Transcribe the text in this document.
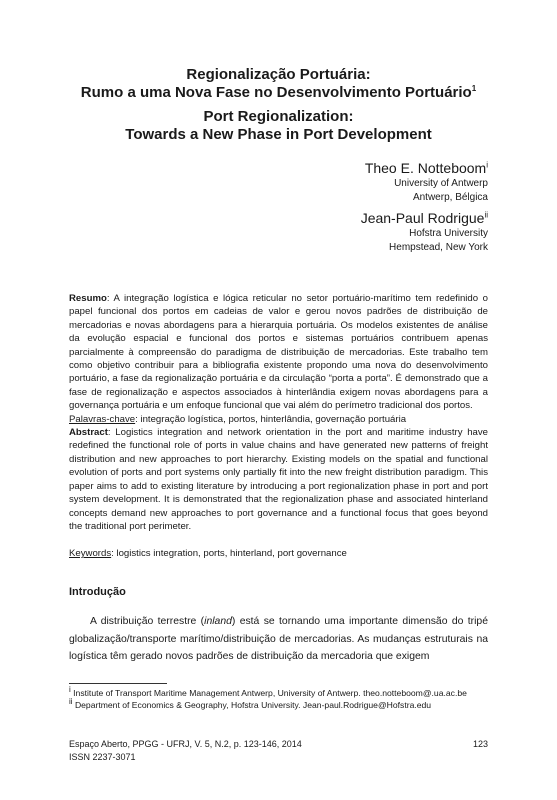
Regionalização Portuária:
Rumo a uma Nova Fase no Desenvolvimento Portuário$^1$
Port Regionalization:
Towards a New Phase in Port Development
Theo E. Notteboom$^i$
University of Antwerp
Antwerp, Bélgica
Jean-Paul Rodrigue$^{ii}$
Hofstra University
Hempstead, New York

Resumo: A integração logística e lógica reticular no setor portuário-marítimo tem redefinido o papel funcional dos portos em cadeias de valor e gerou novos padrões de distribuição de mercadorias e novas abordagens para a hierarquia portuária. Os modelos existentes de análise da evolução espacial e funcional dos portos e sistemas portuários contribuem apenas parcialmente à compreensão do paradigma de distribuição de mercadorias. Este trabalho tem como objetivo contribuir para a bibliografia existente propondo uma nova do desenvolvimento portuário, a fase da regionalização portuária e da circulação “porta a porta”. É demonstrado que a fase de regionalização e aspectos associados à hinterlândia exigem novas abordagens para a governança portuária e um enfoque funcional que vai além do perímetro tradicional dos portos.

Palavras-chave: integração logística, portos, hinterlândia, governação portuária

Abstract: Logistics integration and network orientation in the port and maritime industry have redefined the functional role of ports in value chains and have generated new patterns of freight distribution and new approaches to port hierarchy. Existing models on the spatial and functional evolution of ports and port systems only partially fit into the new freight distribution paradigm. This paper aims to add to existing literature by introducing a port regionalization phase in port and port system development. It is demonstrated that the regionalization phase and associated hinterland concepts demand new approaches to port governance and a functional focus that goes beyond the traditional port perimeter.

Keywords: logistics integration, ports, hinterland, port governance

Introdução

A distribuição terrestre (inland) está se tornando uma importante dimensão do tripé globalização/transporte marítimo/distribuição de mercadorias. As mudanças estruturais na logística têm gerado novos padrões de distribuição da mercadoria que exigem

$^i$ Institute of Transport Maritime Management Antwerp, University of Antwerp. theo.notteboom@.ua.ac.be

$^{ii}$ Department of Economics & Geography, Hofstra University. Jean-paul.Rodrigue@Hofstra.edu

Espaço Aberto, PPGG - UFRJ, V. 5, N.2, p. 123-146, 2014	123
ISSN 2237-3071
